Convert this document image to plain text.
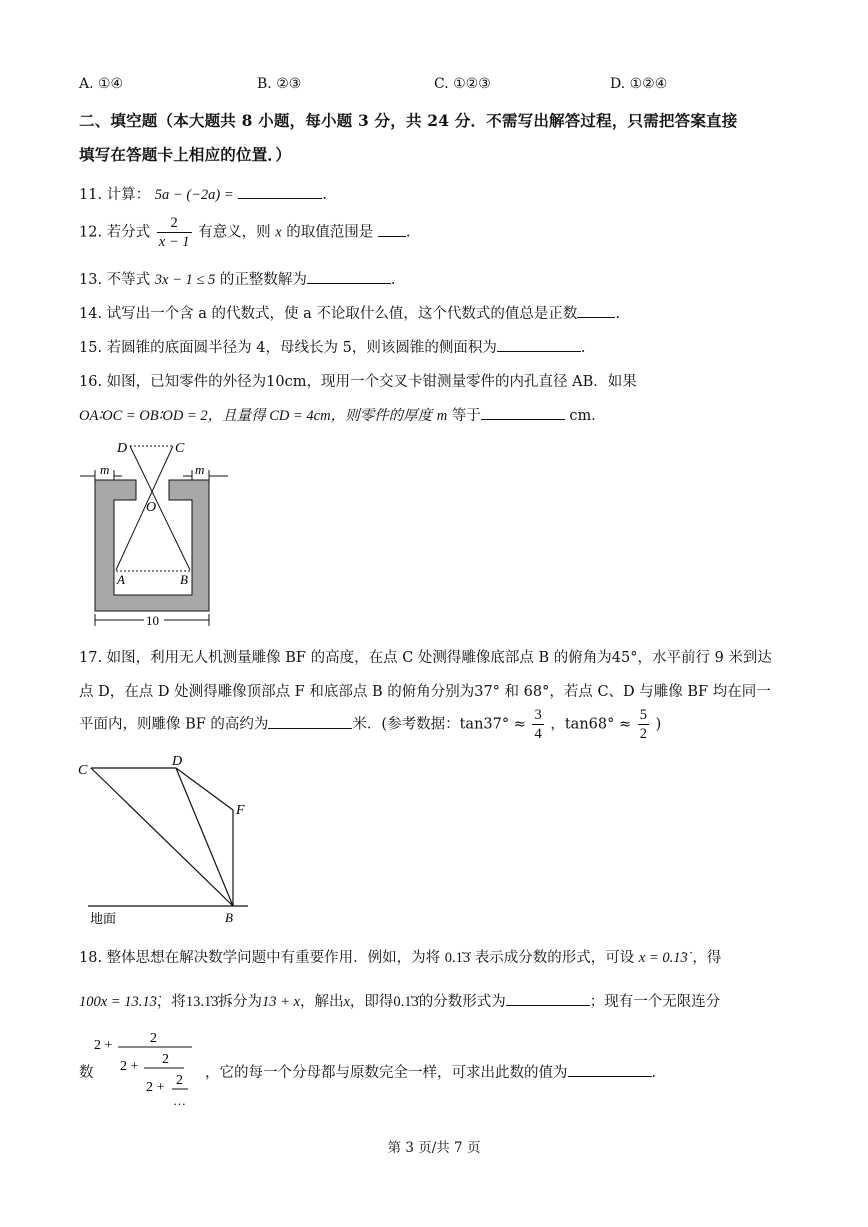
A. ①④	B. ②③	C. ①②③	D. ①②④
二、填空题（本大题共 8 小题，每小题 3 分，共 24 分．不需写出解答过程，只需把答案直接
填写在答题卡上相应的位置．）
11. 计算： 5a − (−2a) =	.
12. 若分式 $\frac{2}{x - 1}$ 有意义，则 x 的取值范围是 .
13. 不等式 3x − 1 ≤ 5 的正整数解为	.
14. 试写出一个含 a 的代数式，使 a 不论取什么值，这个代数式的值总是正数	.
15. 若圆锥的底面圆半径为 4，母线长为 5，则该圆锥的侧面积为	.
16. 如图，已知零件的外径为10cm，现用一个交叉卡钳测量零件的内孔直径 AB．如果
OA∶OC = OB∶OD = 2，且量得 CD = 4cm，则零件的厚度 m 等于	cm．
10
D	C
O
A	B
m	m
17. 如图，利用无人机测量雕像 BF 的高度，在点 C 处测得雕像底部点 B 的俯角为45°，水平前行 9 米到达
点 D，在点 D 处测得雕像顶部点 F 和底部点 B 的俯角分别为37° 和 68°，若点 C、D 与雕像 BF 均在同一
平面内，则雕像 BF 的高约为	米．(参考数据：$\tan 37^\circ \approx \frac{3}{4}$ ，$\tan 68^\circ \approx \frac{5}{2}$ )
C
D
F
B
地面
18. 整体思想在解决数学问题中有重要作用．例如，为将 0.1̇3̇ 表示成分数的形式，可设 x = 0.1̇3̇ ，得
100x = 13.1̇3̇，将13.1̇3̇拆分为13 + x，解出x，即得0.1̇3̇的分数形式为	；现有一个无限连分
数
2 +	2
2 + 2
2 + 2
…
，它的每一个分母都与原数完全一样，可求出此数的值为	.
第 3 页/共 7 页
